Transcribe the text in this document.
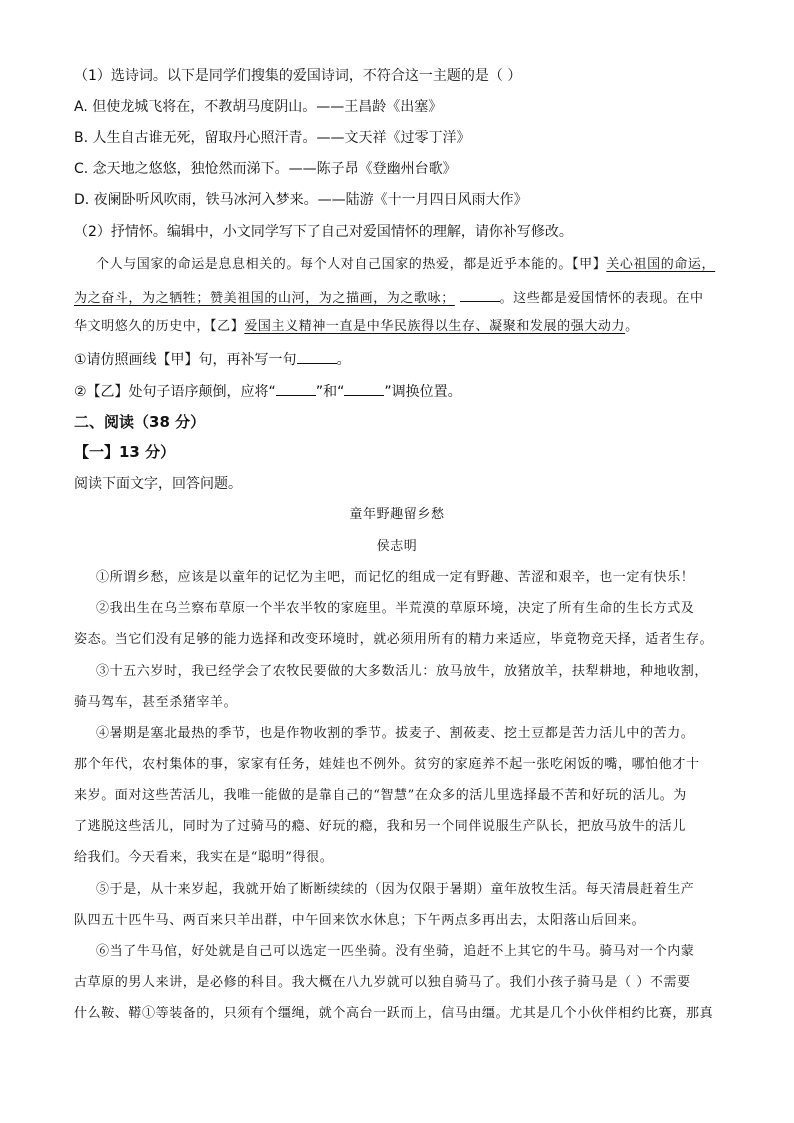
（1）选诗词。以下是同学们搜集的爱国诗词，不符合这一主题的是（ ）
A. 但使龙城飞将在，不教胡马度阴山。——王昌龄《出塞》
B. 人生自古谁无死，留取丹心照汗青。——文天祥《过零丁洋》
C. 念天地之悠悠，独怆然而涕下。——陈子昂《登幽州台歌》
D. 夜阑卧听风吹雨，铁马冰河入梦来。——陆游《十一月四日风雨大作》
（2）抒情怀。编辑中，小文同学写下了自己对爱国情怀的理解，请你补写修改。
个人与国家的命运是息息相关的。每个人对自己国家的热爱，都是近乎本能的。【甲】关心祖国的命运，
为之奋斗，为之牺牲；赞美祖国的山河，为之描画，为之歌咏；	。这些都是爱国情怀的表现。在中
华文明悠久的历史中，【乙】爱国主义精神一直是中华民族得以生存、凝聚和发展的强大动力。
①请仿照画线【甲】句，再补写一句	。
②【乙】处句子语序颠倒，应将“	”和“	”调换位置。
二、阅读（38 分）
【一】13 分）
阅读下面文字，回答问题。
童年野趣留乡愁
侯志明
①所谓乡愁，应该是以童年的记忆为主吧，而记忆的组成一定有野趣、苦涩和艰辛，也一定有快乐！
②我出生在乌兰察布草原一个半农半牧的家庭里。半荒漠的草原环境，决定了所有生命的生长方式及
姿态。当它们没有足够的能力选择和改变环境时，就必须用所有的精力来适应，毕竟物竞天择，适者生存。
③十五六岁时，我已经学会了农牧民要做的大多数活儿：放马放牛，放猪放羊，扶犁耕地，种地收割，
骑马驾车，甚至杀猪宰羊。
④暑期是塞北最热的季节，也是作物收割的季节。拔麦子、割莜麦、挖土豆都是苦力活儿中的苦力。
那个年代，农村集体的事，家家有任务，娃娃也不例外。贫穷的家庭养不起一张吃闲饭的嘴，哪怕他才十
来岁。面对这些苦活儿，我唯一能做的是靠自己的“智慧”在众多的活儿里选择最不苦和好玩的活儿。为
了逃脱这些活儿，同时为了过骑马的瘾、好玩的瘾，我和另一个同伴说服生产队长，把放马放牛的活儿
给我们。今天看来，我实在是“聪明”得很。
⑤于是，从十来岁起，我就开始了断断续续的（因为仅限于暑期）童年放牧生活。每天清晨赶着生产
队四五十匹牛马、两百来只羊出群，中午回来饮水休息；下午两点多再出去，太阳落山后回来。
⑥当了牛马倌，好处就是自己可以选定一匹坐骑。没有坐骑，追赶不上其它的牛马。骑马对一个内蒙
古草原的男人来讲，是必修的科目。我大概在八九岁就可以独自骑马了。我们小孩子骑马是（ ）不需要
什么鞍、鞯①等装备的，只须有个缰绳，就个高台一跃而上，信马由缰。尤其是几个小伙伴相约比赛，那真
